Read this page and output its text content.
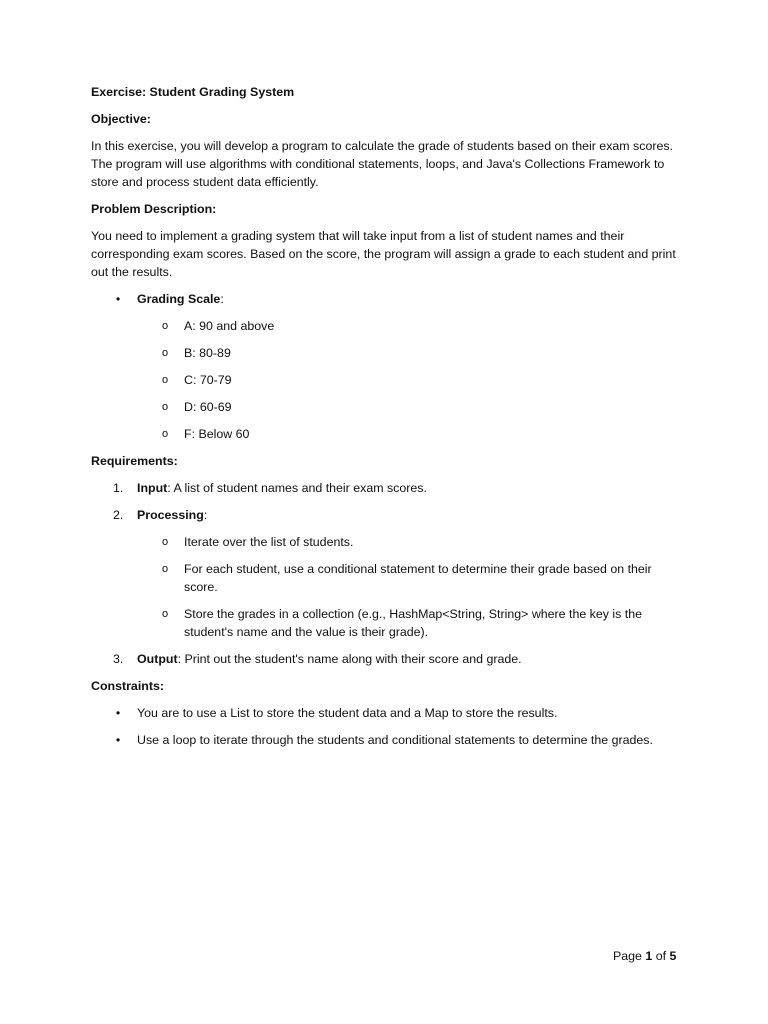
Exercise: Student Grading System

Objective:

In this exercise, you will develop a program to calculate the grade of students based on their exam scores. The program will use algorithms with conditional statements, loops, and Java's Collections Framework to store and process student data efficiently.

Problem Description:

You need to implement a grading system that will take input from a list of student names and their corresponding exam scores. Based on the score, the program will assign a grade to each student and print out the results.

• Grading Scale:
o A: 90 and above
o B: 80-89
o C: 70-79
o D: 60-69
o F: Below 60

Requirements:

1. Input: A list of student names and their exam scores.
2. Processing:
o Iterate over the list of students.
o For each student, use a conditional statement to determine their grade based on their score.
o Store the grades in a collection (e.g., HashMap<String, String> where the key is the student's name and the value is their grade).
3. Output: Print out the student's name along with their score and grade.

Constraints:

• You are to use a List to store the student data and a Map to store the results.
• Use a loop to iterate through the students and conditional statements to determine the grades.
Page 1 of 5
